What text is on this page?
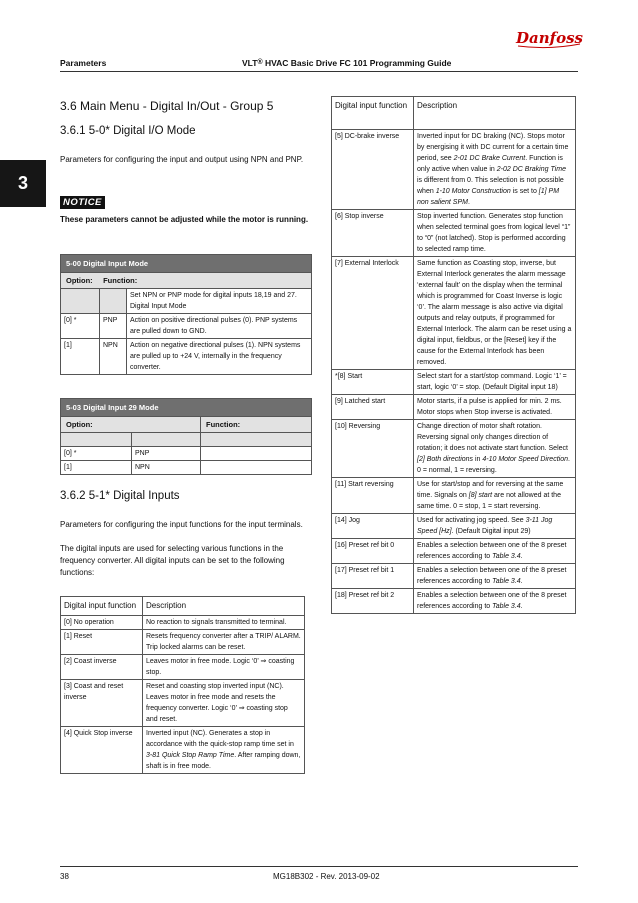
Parameters	VLT® HVAC Basic Drive FC 101 Programming Guide
Danfoss
3
3.6 Main Menu - Digital In/Out - Group 5
3.6.1 5-0* Digital I/O Mode
Parameters for configuring the input and output using NPN and PNP.
NOTICE
These parameters cannot be adjusted while the motor is running.
5-00 Digital Input Mode		
Option: Function:		
		Set NPN or PNP mode for digital inputs 18,19 and 27. Digital Input Mode
[0] *	PNP	Action on positive directional pulses (0). PNP systems are pulled down to GND.
[1]	NPN	Action on negative directional pulses (1). NPN systems are pulled up to +24 V, internally in the frequency converter.
5-03 Digital Input 29 Mode		
Option:		Function:

[0] *	PNP	
[1]	NPN	
3.6.2 5-1* Digital Inputs
Parameters for configuring the input functions for the input terminals.
The digital inputs are used for selecting various functions in the frequency converter. All digital inputs can be set to the following functions:
Digital input function	Description
[0] No operation	No reaction to signals transmitted to terminal.
[1] Reset	Resets frequency converter after a TRIP/ ALARM. Trip locked alarms can be reset.
[2] Coast inverse	Leaves motor in free mode. Logic ‘0’ ⇒ coasting stop.
[3] Coast and reset inverse	Reset and coasting stop inverted input (NC). Leaves motor in free mode and resets the frequency converter. Logic ‘0’ ⇒ coasting stop and reset.
[4] Quick Stop inverse	Inverted input (NC). Generates a stop in accordance with the quick-stop ramp time set in 3-81 Quick Stop Ramp Time. After ramping down, shaft is in free mode.
Digital input function	Description
[5] DC-brake inverse	Inverted input for DC braking (NC). Stops motor by energising it with DC current for a certain time period, see 2-01 DC Brake Current. Function is only active when value in 2-02 DC Braking Time is different from 0. This selection is not possible when 1-10 Motor Construction is set to [1] PM non salient SPM.
[6] Stop inverse	Stop inverted function. Generates stop function when selected terminal goes from logical level “1” to “0” (not latched). Stop is performed according to selected ramp time.
[7] External Interlock	Same function as Coasting stop, inverse, but External Interlock generates the alarm message ‘external fault’ on the display when the terminal which is programmed for Coast Inverse is logic ‘0’. The alarm message is also active via digital outputs and relay outputs, if programmed for External Interlock. The alarm can be reset using a digital input, fieldbus, or the [Reset] key if the cause for the External Interlock has been removed.
*[8] Start	Select start for a start/stop command. Logic ‘1’ = start, logic ‘0’ = stop. (Default Digital input 18)
[9] Latched start	Motor starts, if a pulse is applied for min. 2 ms. Motor stops when Stop inverse is activated.
[10] Reversing	Change direction of motor shaft rotation. Reversing signal only changes direction of rotation; it does not activate start function. Select [2] Both directions in 4-10 Motor Speed Direction. 0 = normal, 1 = reversing.
[11] Start reversing	Use for start/stop and for reversing at the same time. Signals on [8] start are not allowed at the same time. 0 = stop, 1 = start reversing.
[14] Jog	Used for activating jog speed. See 3-11 Jog Speed [Hz]. (Default Digital input 29)
[16] Preset ref bit 0	Enables a selection between one of the 8 preset references according to Table 3.4.
[17] Preset ref bit 1	Enables a selection between one of the 8 preset references according to Table 3.4.
[18] Preset ref bit 2	Enables a selection between one of the 8 preset references according to Table 3.4.
38	MG18B302 - Rev. 2013-09-02
